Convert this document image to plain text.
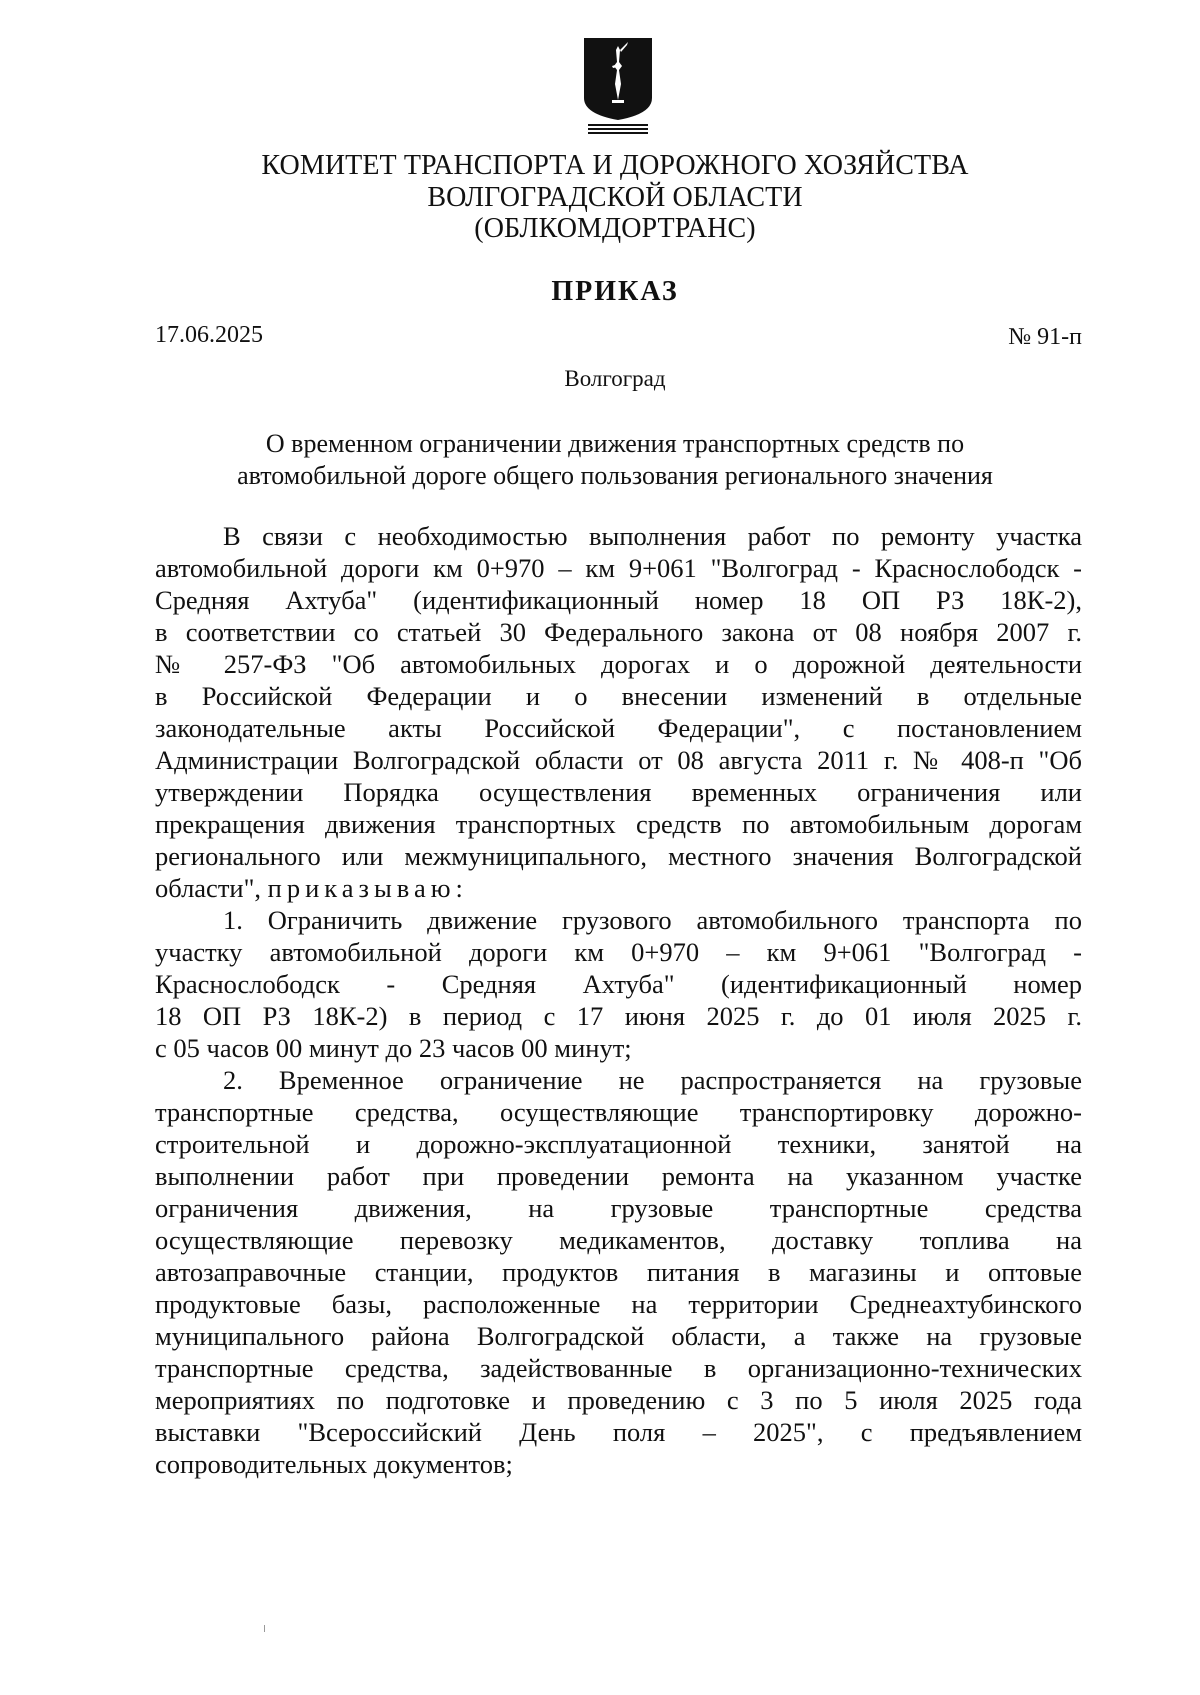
КОМИТЕТ ТРАНСПОРТА И ДОРОЖНОГО ХОЗЯЙСТВА
ВОЛГОГРАДСКОЙ ОБЛАСТИ
(ОБЛКОМДОРТРАНС)
ПРИКАЗ
17.06.2025	№ 91-п
Волгоград
О временном ограничении движения транспортных средств по
автомобильной дороге общего пользования регионального значения
В связи с необходимостью выполнения работ по ремонту участка
автомобильной дороги км 0+970 – км 9+061 "Волгоград - Краснослободск -
Средняя Ахтуба" (идентификационный номер 18 ОП РЗ 18К-2),
в соответствии со статьей 30 Федерального закона от 08 ноября 2007 г.
№ 257-ФЗ "Об автомобильных дорогах и о дорожной деятельности
в Российской Федерации и о внесении изменений в отдельные
законодательные акты Российской Федерации", с постановлением
Администрации Волгоградской области от 08 августа 2011 г. № 408-п "Об
утверждении Порядка осуществления временных ограничения или
прекращения движения транспортных средств по автомобильным дорогам
регионального или межмуниципального, местного значения Волгоградской
области", приказываю:
1. Ограничить движение грузового автомобильного транспорта по
участку автомобильной дороги км 0+970 – км 9+061 "Волгоград -
Краснослободск - Средняя Ахтуба" (идентификационный номер
18 ОП РЗ 18К-2) в период с 17 июня 2025 г. до 01 июля 2025 г.
с 05 часов 00 минут до 23 часов 00 минут;
2. Временное ограничение не распространяется на грузовые
транспортные средства, осуществляющие транспортировку дорожно-
строительной и дорожно-эксплуатационной техники, занятой на
выполнении работ при проведении ремонта на указанном участке
ограничения движения, на грузовые транспортные средства
осуществляющие перевозку медикаментов, доставку топлива на
автозаправочные станции, продуктов питания в магазины и оптовые
продуктовые базы, расположенные на территории Среднеахтубинского
муниципального района Волгоградской области, а также на грузовые
транспортные средства, задействованные в организационно-технических
мероприятиях по подготовке и проведению с 3 по 5 июля 2025 года
выставки "Всероссийский День поля – 2025", с предъявлением
сопроводительных документов;
